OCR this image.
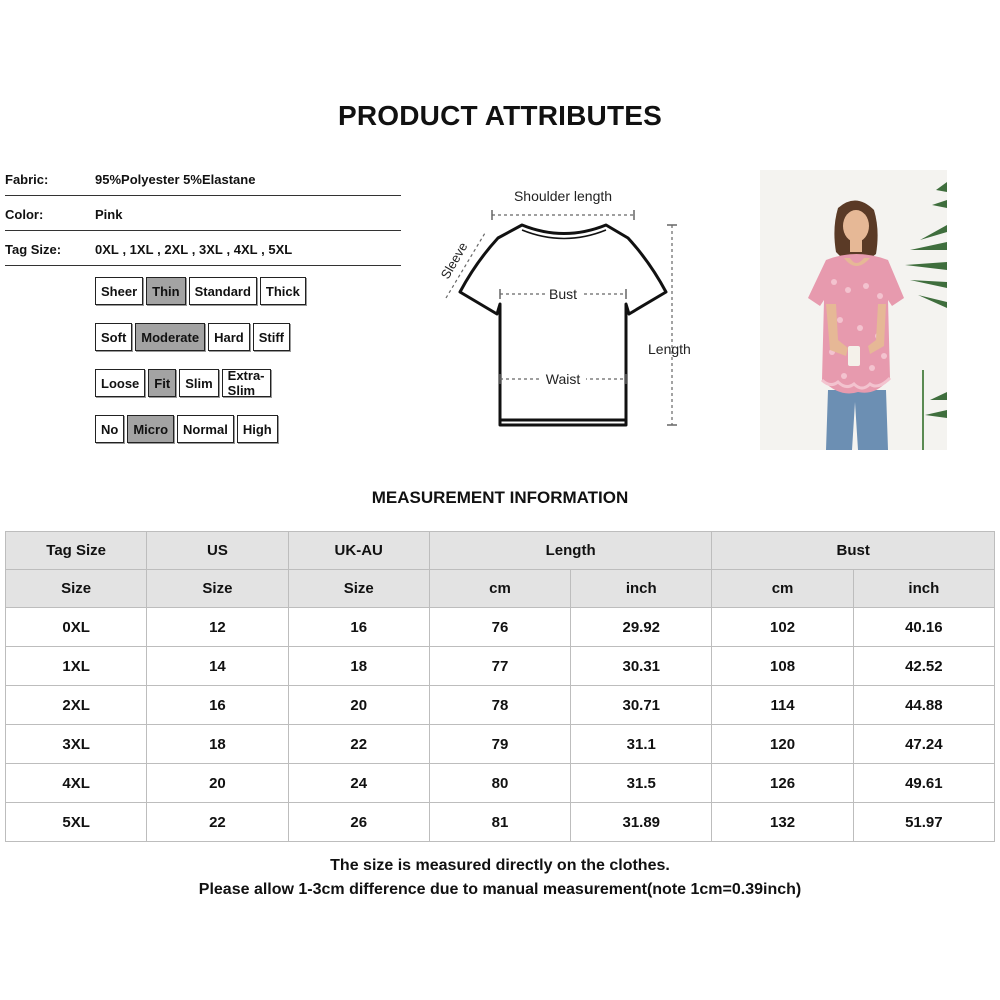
PRODUCT ATTRIBUTES
Fabric:	95%Polyester 5%Elastane
Color:	Pink
Tag Size:	0XL , 1XL , 2XL , 3XL , 4XL , 5XL
Sheer	Thin	Standard	Thick
Soft	Moderate	Hard	Stiff
Loose	Fit	Slim	Extra-Slim
No	Micro	Normal	High
Shoulder length
Sleeve
Bust
Waist
Length
MEASUREMENT INFORMATION
Tag Size	US	UK-AU	Length		Bust	
Size	Size	Size	cm	inch	cm	inch
0XL	12	16	76	29.92	102	40.16
1XL	14	18	77	30.31	108	42.52
2XL	16	20	78	30.71	114	44.88
3XL	18	22	79	31.1	120	47.24
4XL	20	24	80	31.5	126	49.61
5XL	22	26	81	31.89	132	51.97
The size is measured directly on the clothes.
Please allow 1-3cm difference due to manual measurement(note 1cm=0.39inch)
